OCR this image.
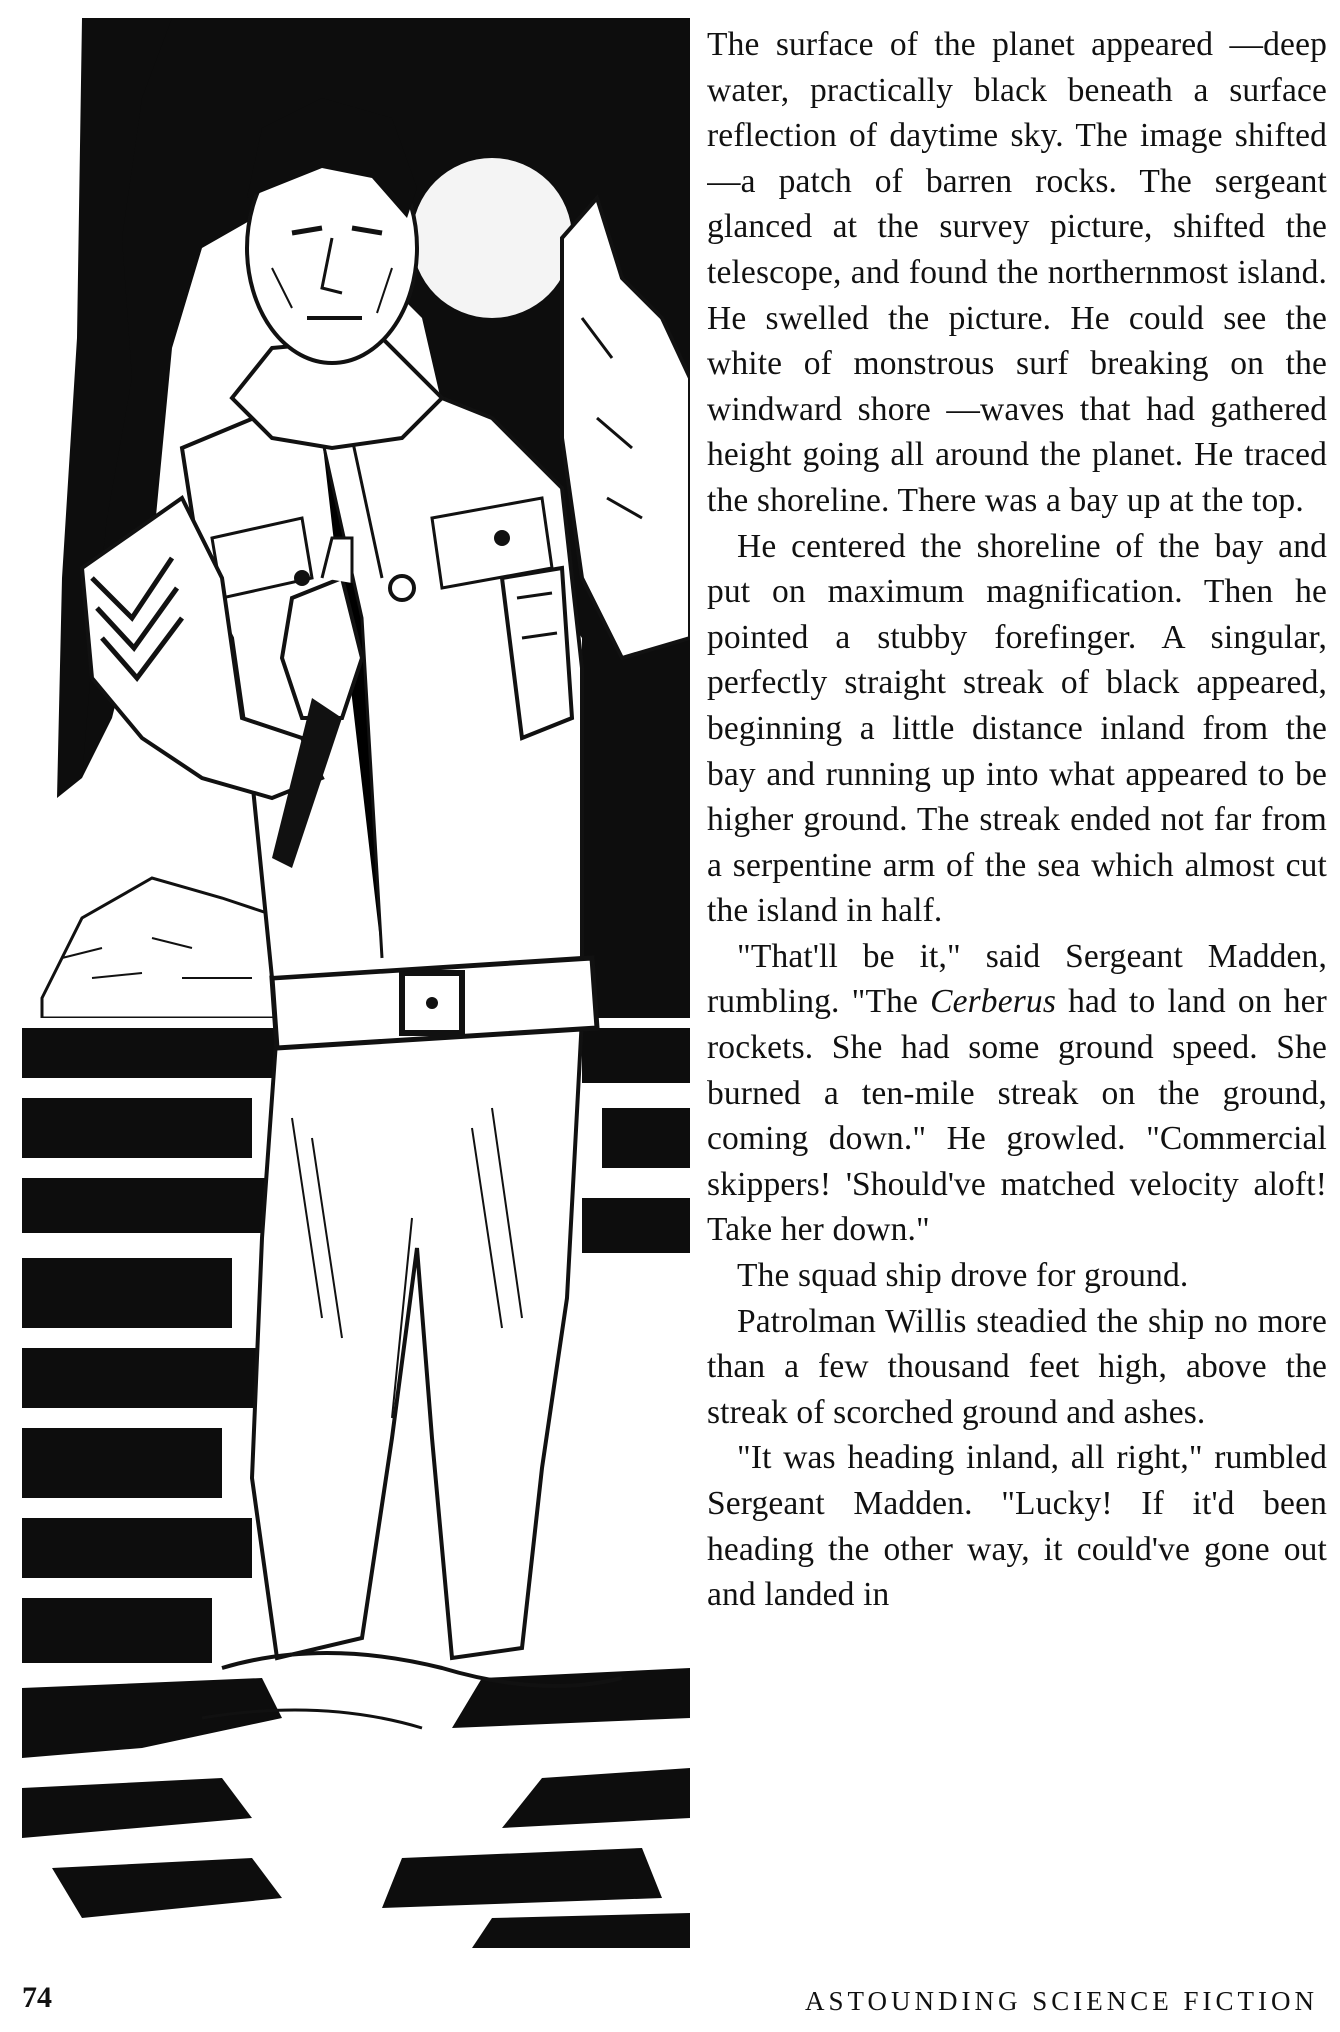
The surface of the planet appeared —deep water, practically black beneath a surface reflection of daytime sky. The image shifted—a patch of barren rocks. The sergeant glanced at the survey picture, shifted the telescope, and found the northernmost island. He swelled the picture. He could see the white of monstrous surf breaking on the windward shore —waves that had gathered height going all around the planet. He traced the shoreline. There was a bay up at the top.

He centered the shoreline of the bay and put on maximum magnification. Then he pointed a stubby forefinger. A singular, perfectly straight streak of black appeared, beginning a little distance inland from the bay and running up into what appeared to be higher ground. The streak ended not far from a serpentine arm of the sea which almost cut the island in half.

"That'll be it," said Sergeant Madden, rumbling. "The Cerberus had to land on her rockets. She had some ground speed. She burned a ten-mile streak on the ground, coming down." He growled. "Commercial skippers! 'Should've matched velocity aloft! Take her down."

The squad ship drove for ground.

Patrolman Willis steadied the ship no more than a few thousand feet high, above the streak of scorched ground and ashes.

"It was heading inland, all right," rumbled Sergeant Madden. "Lucky! If it'd been heading the other way, it could've gone out and landed in

74	ASTOUNDING SCIENCE FICTION
